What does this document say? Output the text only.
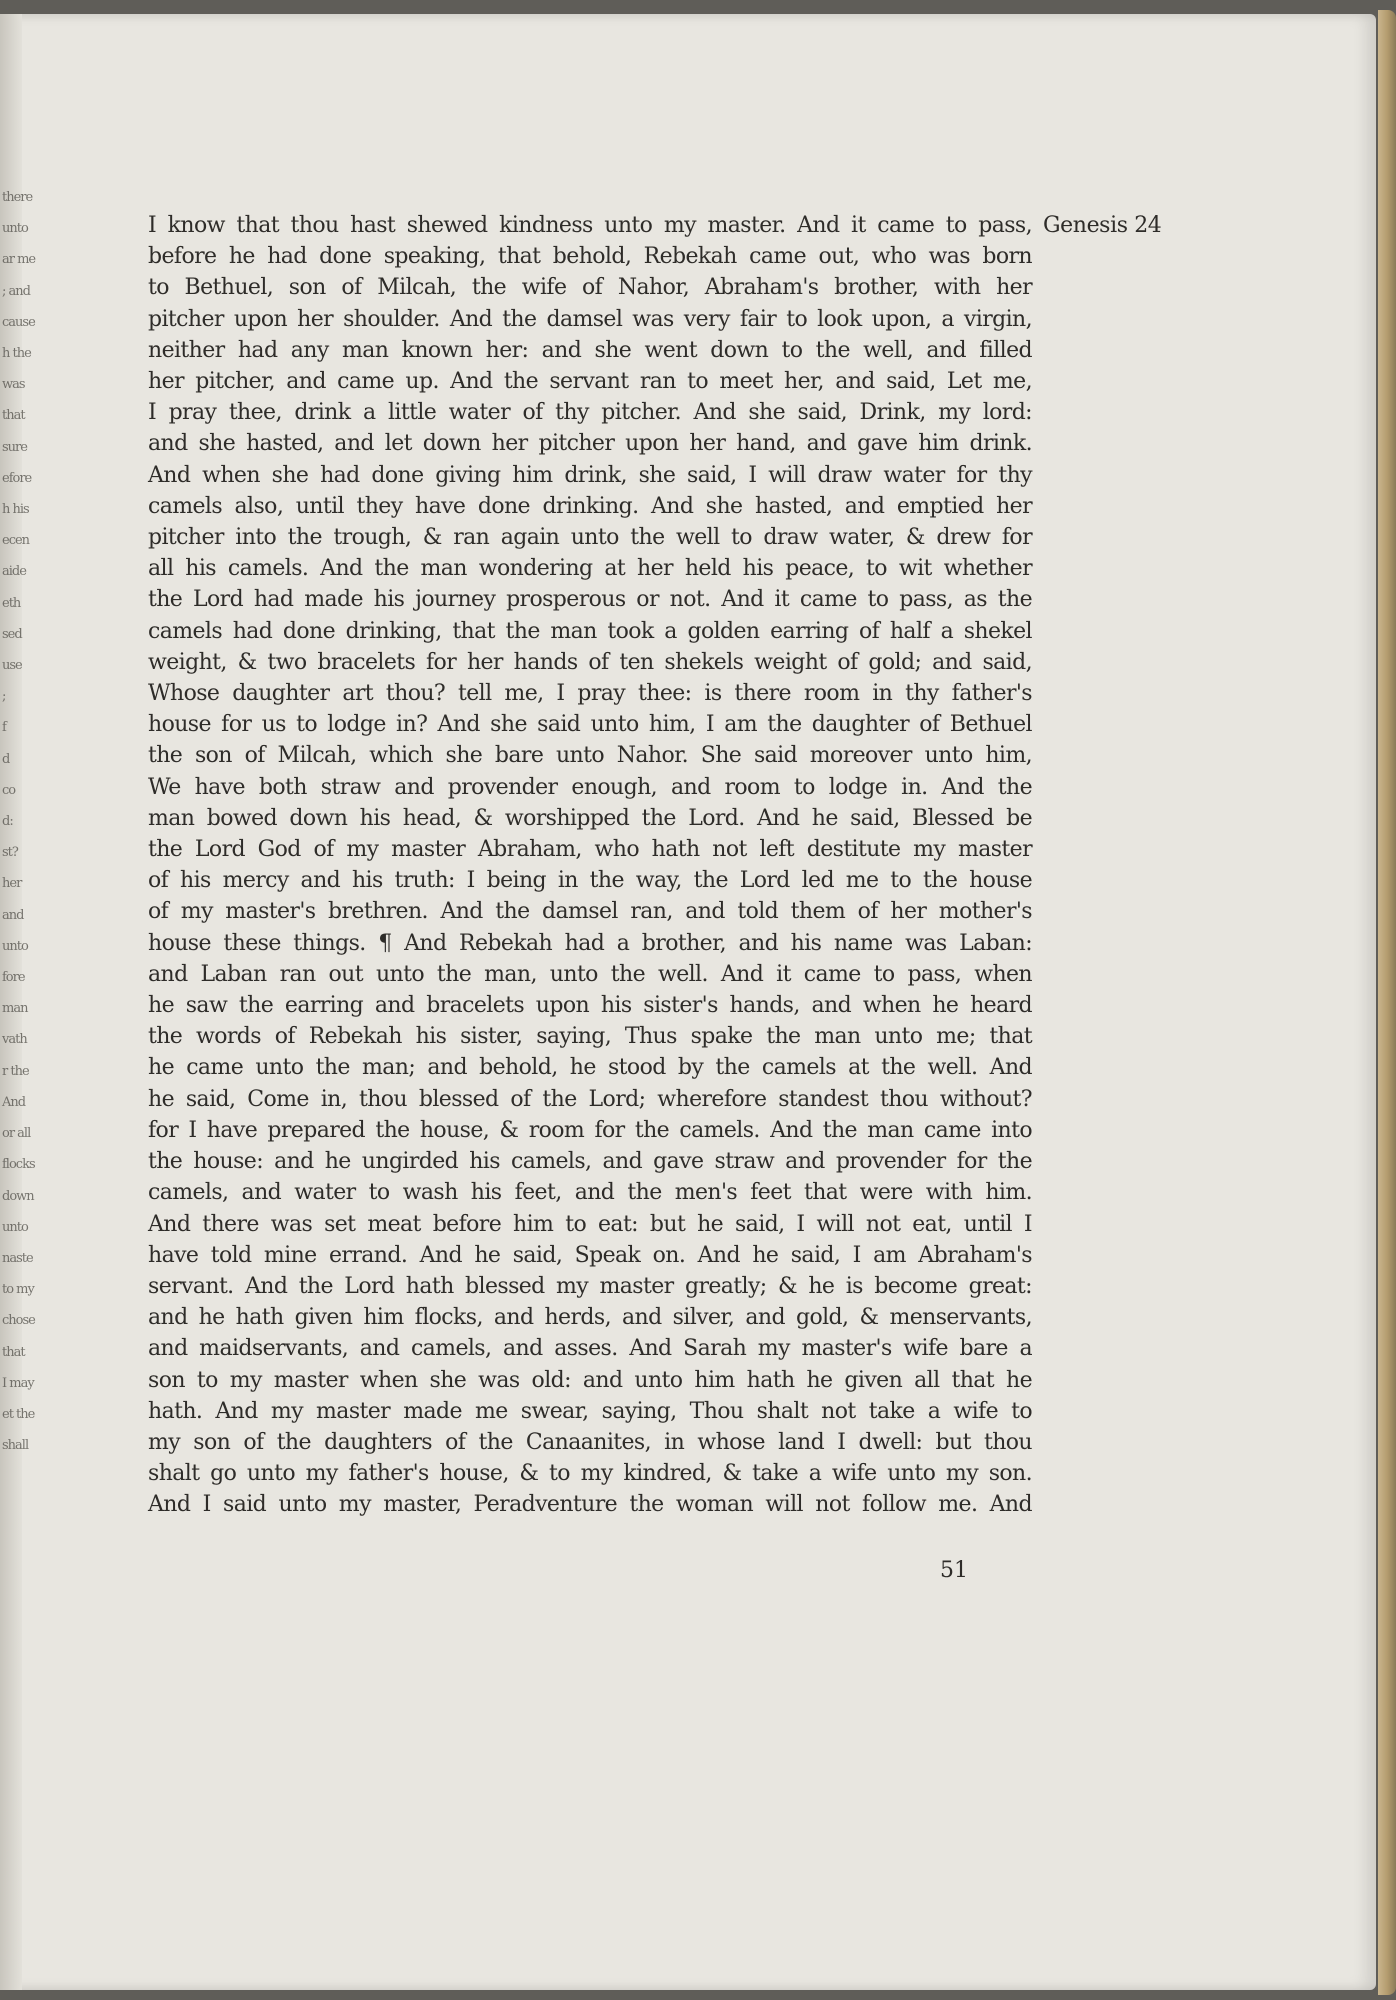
there
unto
ar me
; and
cause
h the
was
that
sure
efore
h his
ecen
aide
eth
sed
use
;
f
d
co
d:
st?
her
and
unto
fore
man
vath
r the
And
or all
flocks
down
unto
naste
to my
chose
that
I may
et the
shall
Genesis 24
I know that thou hast shewed kindness unto my master. And it came to pass,
before he had done speaking, that behold, Rebekah came out, who was born
to Bethuel, son of Milcah, the wife of Nahor, Abraham's brother, with her
pitcher upon her shoulder. And the damsel was very fair to look upon, a virgin,
neither had any man known her: and she went down to the well, and filled
her pitcher, and came up. And the servant ran to meet her, and said, Let me,
I pray thee, drink a little water of thy pitcher. And she said, Drink, my lord:
and she hasted, and let down her pitcher upon her hand, and gave him drink.
And when she had done giving him drink, she said, I will draw water for thy
camels also, until they have done drinking. And she hasted, and emptied her
pitcher into the trough, & ran again unto the well to draw water, & drew for
all his camels. And the man wondering at her held his peace, to wit whether
the Lord had made his journey prosperous or not. And it came to pass, as the
camels had done drinking, that the man took a golden earring of half a shekel
weight, & two bracelets for her hands of ten shekels weight of gold; and said,
Whose daughter art thou? tell me, I pray thee: is there room in thy father's
house for us to lodge in? And she said unto him, I am the daughter of Bethuel
the son of Milcah, which she bare unto Nahor. She said moreover unto him,
We have both straw and provender enough, and room to lodge in. And the
man bowed down his head, & worshipped the Lord. And he said, Blessed be
the Lord God of my master Abraham, who hath not left destitute my master
of his mercy and his truth: I being in the way, the Lord led me to the house
of my master's brethren. And the damsel ran, and told them of her mother's
house these things. ¶ And Rebekah had a brother, and his name was Laban:
and Laban ran out unto the man, unto the well. And it came to pass, when
he saw the earring and bracelets upon his sister's hands, and when he heard
the words of Rebekah his sister, saying, Thus spake the man unto me; that
he came unto the man; and behold, he stood by the camels at the well. And
he said, Come in, thou blessed of the Lord; wherefore standest thou without?
for I have prepared the house, & room for the camels. And the man came into
the house: and he ungirded his camels, and gave straw and provender for the
camels, and water to wash his feet, and the men's feet that were with him.
And there was set meat before him to eat: but he said, I will not eat, until I
have told mine errand. And he said, Speak on. And he said, I am Abraham's
servant. And the Lord hath blessed my master greatly; & he is become great:
and he hath given him flocks, and herds, and silver, and gold, & menservants,
and maidservants, and camels, and asses. And Sarah my master's wife bare a
son to my master when she was old: and unto him hath he given all that he
hath. And my master made me swear, saying, Thou shalt not take a wife to
my son of the daughters of the Canaanites, in whose land I dwell: but thou
shalt go unto my father's house, & to my kindred, & take a wife unto my son.
And I said unto my master, Peradventure the woman will not follow me. And
51
